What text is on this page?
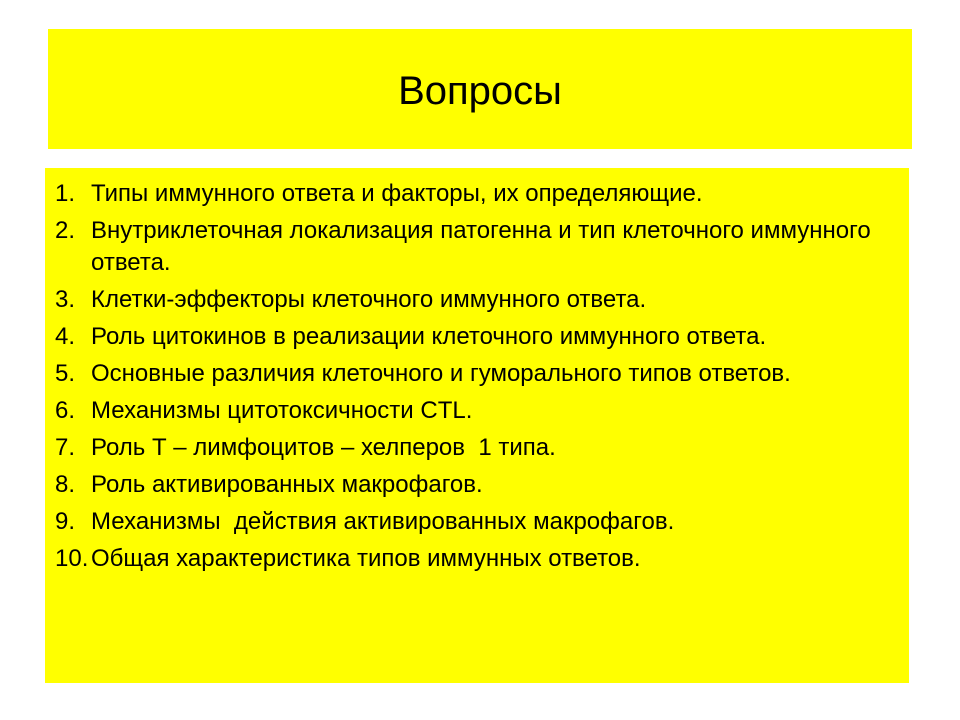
Вопросы
1. Типы иммунного ответа и факторы, их определяющие.
2. Внутриклеточная локализация патогенна и тип клеточного иммунного ответа.
3. Клетки-эффекторы клеточного иммунного ответа.
4. Роль цитокинов в реализации клеточного иммунного ответа.
5. Основные различия клеточного и гуморального типов ответов.
6. Механизмы цитотоксичности CTL.
7. Роль Т – лимфоцитов – хелперов  1 типа.
8. Роль активированных макрофагов.
9. Механизмы  действия активированных макрофагов.
10. Общая характеристика типов иммунных ответов.
